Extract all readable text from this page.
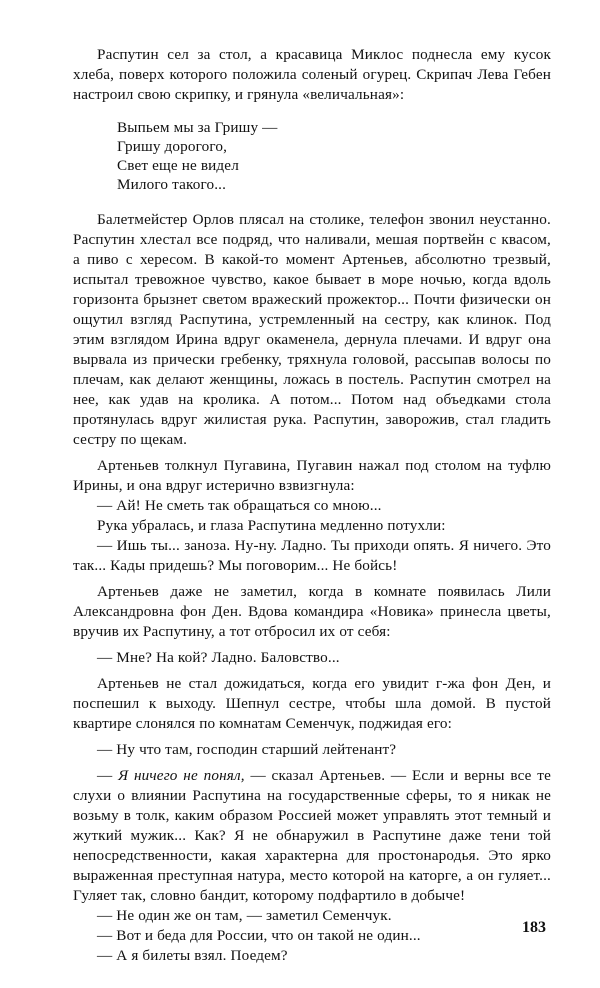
Распутин сел за стол, а красавица Миклос поднесла ему кусок хлеба, поверх которого положила соленый огурец. Скрипач Лева Гебен настроил свою скрипку, и грянула «величальная»:

Выпьем мы за Гришу —
Гришу дорогого,
Свет еще не видел
Милого такого...

Балетмейстер Орлов плясал на столике, телефон звонил неустанно. Распутин хлестал все подряд, что наливали, мешая портвейн с квасом, а пиво с хересом. В какой-то момент Артеньев, абсолютно трезвый, испытал тревожное чувство, какое бывает в море ночью, когда вдоль горизонта брызнет светом вражеский прожектор... Почти физически он ощутил взгляд Распутина, устремленный на сестру, как клинок. Под этим взглядом Ирина вдруг окаменела, дернула плечами. И вдруг она вырвала из прически гребенку, тряхнула головой, рассыпав волосы по плечам, как делают женщины, ложась в постель. Распутин смотрел на нее, как удав на кролика. А потом... Потом над объедками стола протянулась вдруг жилистая рука. Распутин, заворожив, стал гладить сестру по щекам.

Артеньев толкнул Пугавина, Пугавин нажал под столом на туфлю Ирины, и она вдруг истерично взвизгнула:

— Ай! Не сметь так обращаться со мною...

Рука убралась, и глаза Распутина медленно потухли:

— Ишь ты... заноза. Ну-ну. Ладно. Ты приходи опять. Я ничего. Это так... Кады придешь? Мы поговорим... Не бойсь!

Артеньев даже не заметил, когда в комнате появилась Лили Александровна фон Ден. Вдова командира «Новика» принесла цветы, вручив их Распутину, а тот отбросил их от себя:

— Мне? На кой? Ладно. Баловство...

Артеньев не стал дожидаться, когда его увидит г-жа фон Ден, и поспешил к выходу. Шепнул сестре, чтобы шла домой. В пустой квартире слонялся по комнатам Семенчук, поджидая его:

— Ну что там, господин старший лейтенант?

— Я ничего не понял, — сказал Артеньев. — Если и верны все те слухи о влиянии Распутина на государственные сферы, то я никак не возьму в толк, каким образом Россией может управлять этот темный и жуткий мужик... Как? Я не обнаружил в Распутине даже тени той непосредственности, какая характерна для простонародья. Это ярко выраженная преступная натура, место которой на каторге, а он гуляет... Гуляет так, словно бандит, которому подфартило в добыче!

— Не один же он там, — заметил Семенчук.

— Вот и беда для России, что он такой не один...

— А я билеты взял. Поедем?

183
